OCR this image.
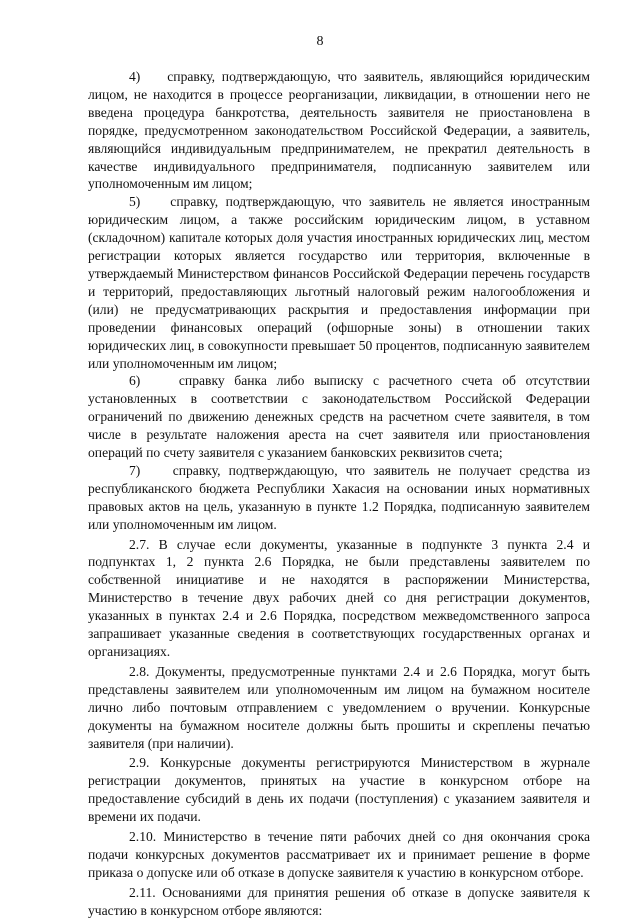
8

4)    справку, подтверждающую, что заявитель, являющийся юридическим лицом, не находится в процессе реорганизации, ликвидации, в отношении него не введена процедура банкротства, деятельность заявителя не приостановлена в порядке, предусмотренном законодательством Российской Федерации, а заявитель, являющийся индивидуальным предпринимателем, не прекратил деятельность в качестве индивидуального предпринимателя, подписанную заявителем или уполномоченным им лицом;

5)    справку, подтверждающую, что заявитель не является иностранным юридическим лицом, а также российским юридическим лицом, в уставном (складочном) капитале которых доля участия иностранных юридических лиц, местом регистрации которых является государство или территория, включенные в утверждаемый Министерством финансов Российской Федерации перечень государств и территорий, предоставляющих льготный налоговый режим налогообложения и (или) не предусматривающих раскрытия и предоставления информации при проведении финансовых операций (офшорные зоны) в отношении таких юридических лиц, в совокупности превышает 50 процентов, подписанную заявителем или уполномоченным им лицом;

6)    справку банка либо выписку с расчетного счета об отсутствии установленных в соответствии с законодательством Российской Федерации ограничений по движению денежных средств на расчетном счете заявителя, в том числе в результате наложения ареста на счет заявителя или приостановления операций по счету заявителя с указанием банковских реквизитов счета;

7)    справку, подтверждающую, что заявитель не получает средства из республиканского бюджета Республики Хакасия на основании иных нормативных правовых актов на цель, указанную в пункте 1.2 Порядка, подписанную заявителем или уполномоченным им лицом.

2.7. В случае если документы, указанные в подпункте 3 пункта 2.4 и подпунктах 1, 2 пункта 2.6 Порядка, не были представлены заявителем по собственной инициативе и не находятся в распоряжении Министерства, Министерство в течение двух рабочих дней со дня регистрации документов, указанных в пунктах 2.4 и 2.6 Порядка, посредством межведомственного запроса запрашивает указанные сведения в соответствующих государственных органах и организациях.

2.8. Документы, предусмотренные пунктами 2.4 и 2.6 Порядка, могут быть представлены заявителем или уполномоченным им лицом на бумажном носителе лично либо почтовым отправлением с уведомлением о вручении. Конкурсные документы на бумажном носителе должны быть прошиты и скреплены печатью заявителя (при наличии).

2.9. Конкурсные документы регистрируются Министерством в журнале регистрации документов, принятых на участие в конкурсном отборе на предоставление субсидий в день их подачи (поступления) с указанием заявителя и времени их подачи.

2.10. Министерство в течение пяти рабочих дней со дня окончания срока подачи конкурсных документов рассматривает их и принимает решение в форме приказа о допуске или об отказе в допуске заявителя к участию в конкурсном отборе.

2.11. Основаниями для принятия решения об отказе в допуске заявителя к участию в конкурсном отборе являются:
